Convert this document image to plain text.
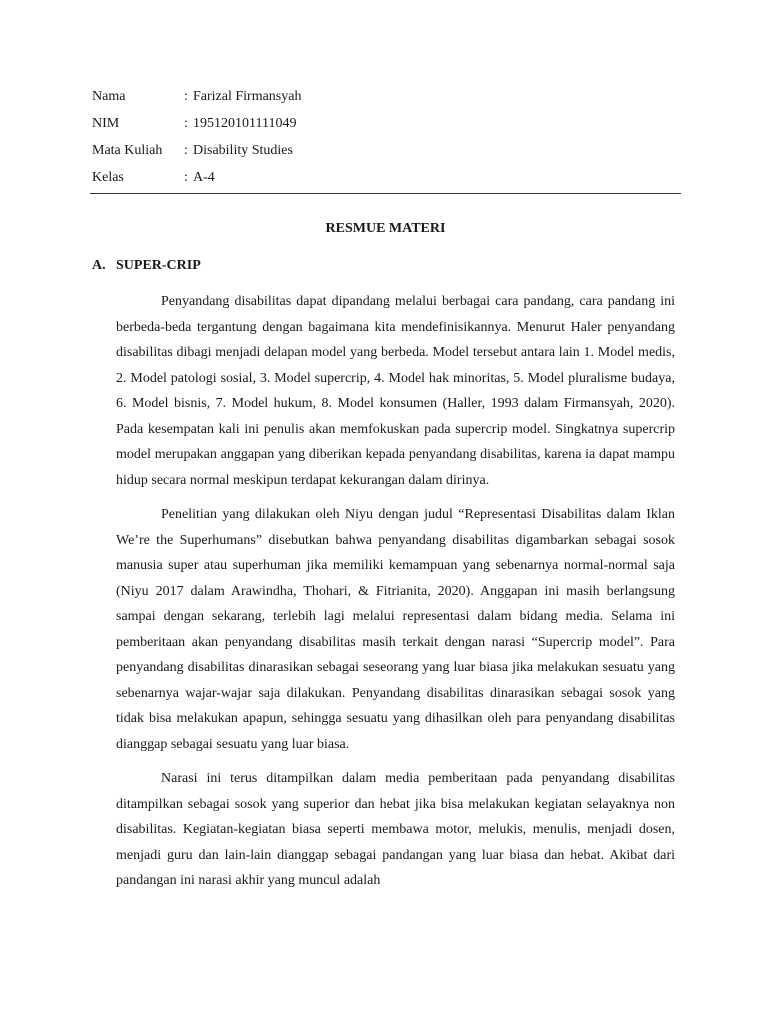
Nama	: Farizal Firmansyah
NIM	: 195120101111049
Mata Kuliah	: Disability Studies
Kelas	: A-4
RESMUE MATERI
A. SUPER-CRIP

Penyandang disabilitas dapat dipandang melalui berbagai cara pandang, cara pandang ini berbeda-beda tergantung dengan bagaimana kita mendefinisikannya. Menurut Haler penyandang disabilitas dibagi menjadi delapan model yang berbeda. Model tersebut antara lain 1. Model medis, 2. Model patologi sosial, 3. Model supercrip, 4. Model hak minoritas, 5. Model pluralisme budaya, 6. Model bisnis, 7. Model hukum, 8. Model konsumen (Haller, 1993 dalam Firmansyah, 2020). Pada kesempatan kali ini penulis akan memfokuskan pada supercrip model. Singkatnya supercrip model merupakan anggapan yang diberikan kepada penyandang disabilitas, karena ia dapat mampu hidup secara normal meskipun terdapat kekurangan dalam dirinya.

Penelitian yang dilakukan oleh Niyu dengan judul “Representasi Disabilitas dalam Iklan We’re the Superhumans” disebutkan bahwa penyandang disabilitas digambarkan sebagai sosok manusia super atau superhuman jika memiliki kemampuan yang sebenarnya normal-normal saja (Niyu 2017 dalam Arawindha, Thohari, & Fitrianita, 2020). Anggapan ini masih berlangsung sampai dengan sekarang, terlebih lagi melalui representasi dalam bidang media. Selama ini pemberitaan akan penyandang disabilitas masih terkait dengan narasi “Supercrip model”. Para penyandang disabilitas dinarasikan sebagai seseorang yang luar biasa jika melakukan sesuatu yang sebenarnya wajar-wajar saja dilakukan. Penyandang disabilitas dinarasikan sebagai sosok yang tidak bisa melakukan apapun, sehingga sesuatu yang dihasilkan oleh para penyandang disabilitas dianggap sebagai sesuatu yang luar biasa.

Narasi ini terus ditampilkan dalam media pemberitaan pada penyandang disabilitas ditampilkan sebagai sosok yang superior dan hebat jika bisa melakukan kegiatan selayaknya non disabilitas. Kegiatan-kegiatan biasa seperti membawa motor, melukis, menulis, menjadi dosen, menjadi guru dan lain-lain dianggap sebagai pandangan yang luar biasa dan hebat. Akibat dari pandangan ini narasi akhir yang muncul adalah
